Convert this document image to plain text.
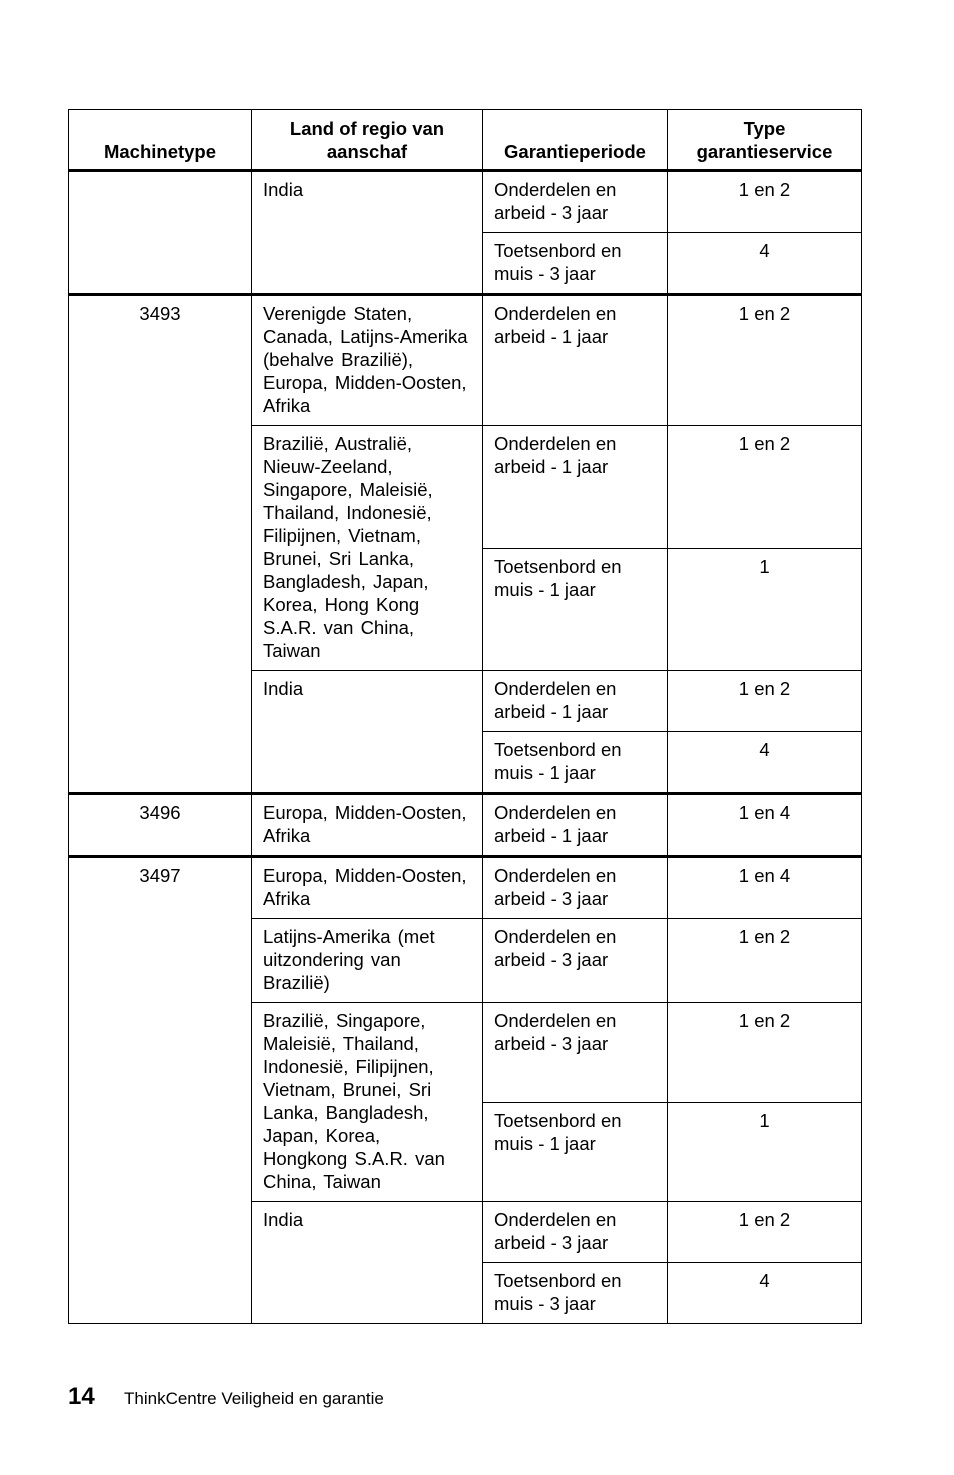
Machinetype	Land of regio van aanschaf	Garantieperiode	Type garantieservice
	India	Onderdelen en arbeid - 3 jaar	1 en 2
		Toetsenbord en muis - 3 jaar	4
3493	Verenigde Staten, Canada, Latijns-Amerika (behalve Brazilië), Europa, Midden-Oosten, Afrika	Onderdelen en arbeid - 1 jaar	1 en 2
	Brazilië, Australië, Nieuw-Zeeland, Singapore, Maleisië, Thailand, Indonesië, Filipijnen, Vietnam, Brunei, Sri Lanka, Bangladesh, Japan, Korea, Hong Kong S.A.R. van China, Taiwan	Onderdelen en arbeid - 1 jaar	1 en 2
		Toetsenbord en muis - 1 jaar	1
	India	Onderdelen en arbeid - 1 jaar	1 en 2
		Toetsenbord en muis - 1 jaar	4
3496	Europa, Midden-Oosten, Afrika	Onderdelen en arbeid - 1 jaar	1 en 4
3497	Europa, Midden-Oosten, Afrika	Onderdelen en arbeid - 3 jaar	1 en 4
	Latijns-Amerika (met uitzondering van Brazilië)	Onderdelen en arbeid - 3 jaar	1 en 2
	Brazilië, Singapore, Maleisië, Thailand, Indonesië, Filipijnen, Vietnam, Brunei, Sri Lanka, Bangladesh, Japan, Korea, Hongkong S.A.R. van China, Taiwan	Onderdelen en arbeid - 3 jaar	1 en 2
		Toetsenbord en muis - 1 jaar	1
	India	Onderdelen en arbeid - 3 jaar	1 en 2
		Toetsenbord en muis - 3 jaar	4
14	ThinkCentre Veiligheid en garantie
